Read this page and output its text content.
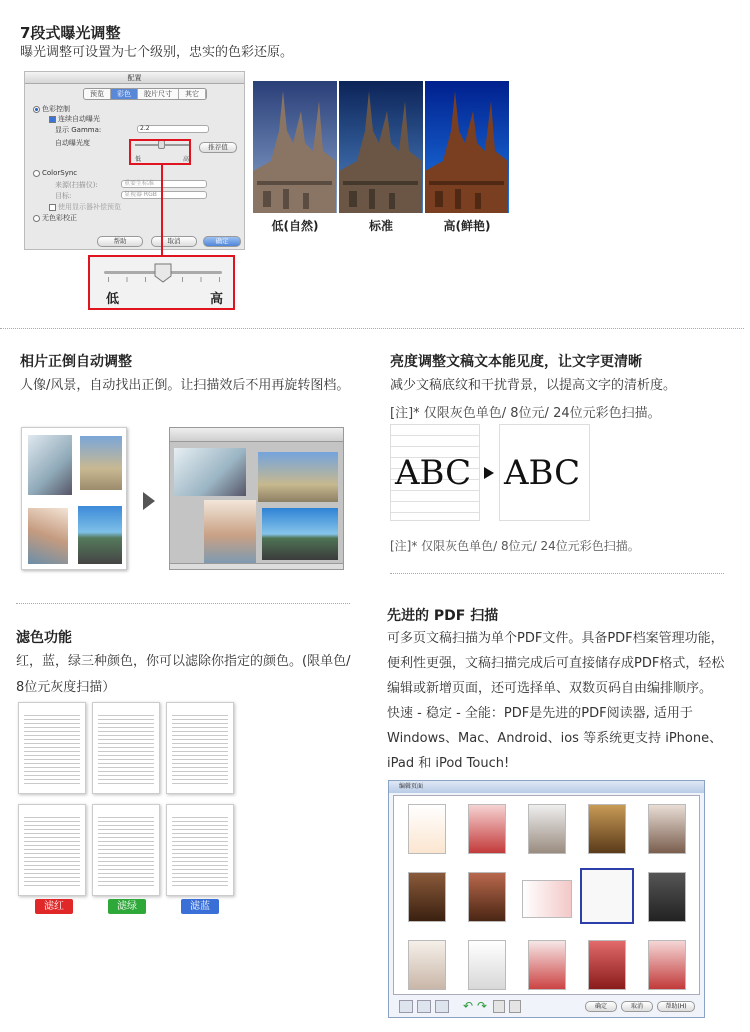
7段式曝光调整
曝光调整可设置为七个级别，忠实的色彩还原。
配置
预览	彩色	胶片尺寸	其它
色彩控制
连续自动曝光
显示 Gamma:	2.2
自动曝光度
低	高
推荐值
ColorSync
来源(扫描仪):	重要生标准
目标:	显视器 RGB
使用显示器补偿预览
无色彩校正
帮助	取消	确定
低	高
低(自然)	标准	高(鲜艳)
相片正倒自动调整
人像/风景，自动找出正倒。让扫描效后不用再旋转图档。
亮度调整文稿文本能见度，让文字更清晰
减少文稿底纹和干扰背景，以提高文字的清析度。
[注]* 仅限灰色单色/ 8位元/ 24位元彩色扫描。
ABC ABC
[注]* 仅限灰色单色/ 8位元/ 24位元彩色扫描。
滤色功能
红，蓝，绿三种颜色，你可以滤除你指定的颜色。(限单色/ 8位元灰度扫描）
滤红	滤绿	滤蓝
先进的 PDF 扫描
可多页文稿扫描为单个PDF文件。具备PDF档案管理功能，便利性更强，文稿扫描完成后可直接储存成PDF格式，轻松编辑或新增页面，还可选择单、双数页码自由编排顺序。 快速 - 稳定 - 全能：PDF是先进的PDF阅读器, 适用于 Windows、Mac、Android、ios 等系统更支持 iPhone、iPad 和 iPod Touch!
编辑页面
↶ ↷	确定	取消	帮助(H)
